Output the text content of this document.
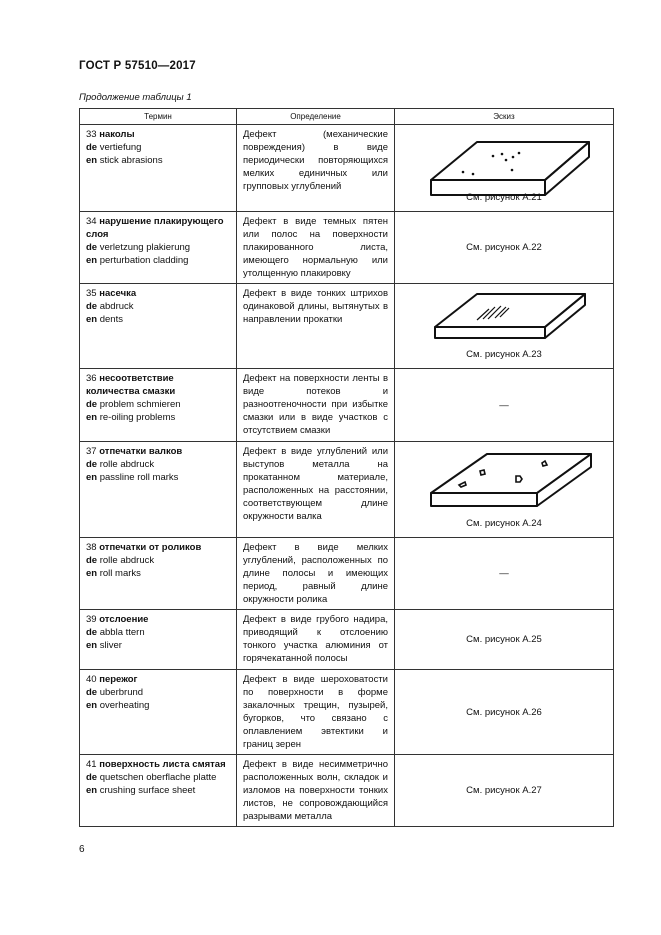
ГОСТ Р 57510—2017
Продолжение таблицы 1
Термин	Определение	Эскиз

33 наколы
de vertiefung
en stick abrasions	Дефект (механические повреждения) в виде периодически повторяющихся мелких единичных или групповых углублений	См. рисунок А.21

34 нарушение плакирующего слоя
de verletzung plakierung
en perturbation cladding	Дефект в виде темных пятен или полос на поверхности плакированного листа, имеющего нормальную или утолщенную плакировку	См. рисунок А.22

35 насечка
de abdruck
en dents	Дефект в виде тонких штрихов одинаковой длины, вытянутых в направлении прокатки	См. рисунок А.23

36 несоответствие количества смазки
de problem schmieren
en re-oiling problems	Дефект на поверхности ленты в виде потеков и разноотгеночности при избытке смазки или в виде участков с отсутствием смазки	—

37 отпечатки валков
de rolle abdruck
en passline roll marks	Дефект в виде углублений или выступов металла на прокатанном материале, расположенных на расстоянии, соответствующем длине окружности валка	См. рисунок А.24

38 отпечатки от роликов
de rolle abdruck
en roll marks	Дефект в виде мелких углублений, расположенных по длине полосы и имеющих период, равный длине окружности ролика	—

39 отслоение
de abbla ttern
en sliver	Дефект в виде грубого надира, приводящий к отслоению тонкого участка алюминия от горячекатанной полосы	См. рисунок А.25

40 пережог
de uberbrund
en overheating	Дефект в виде шероховатости по поверхности в форме закалочных трещин, пузырей, бугорков, что связано с оплавлением эвтектики и границ зерен	См. рисунок А.26

41 поверхность листа смятая
de quetschen oberflache platte
en crushing surface sheet	Дефект в виде несимметрично расположенных волн, складок и изломов на поверхности тонких листов, не сопровождающийся разрывами металла	См. рисунок А.27
6
